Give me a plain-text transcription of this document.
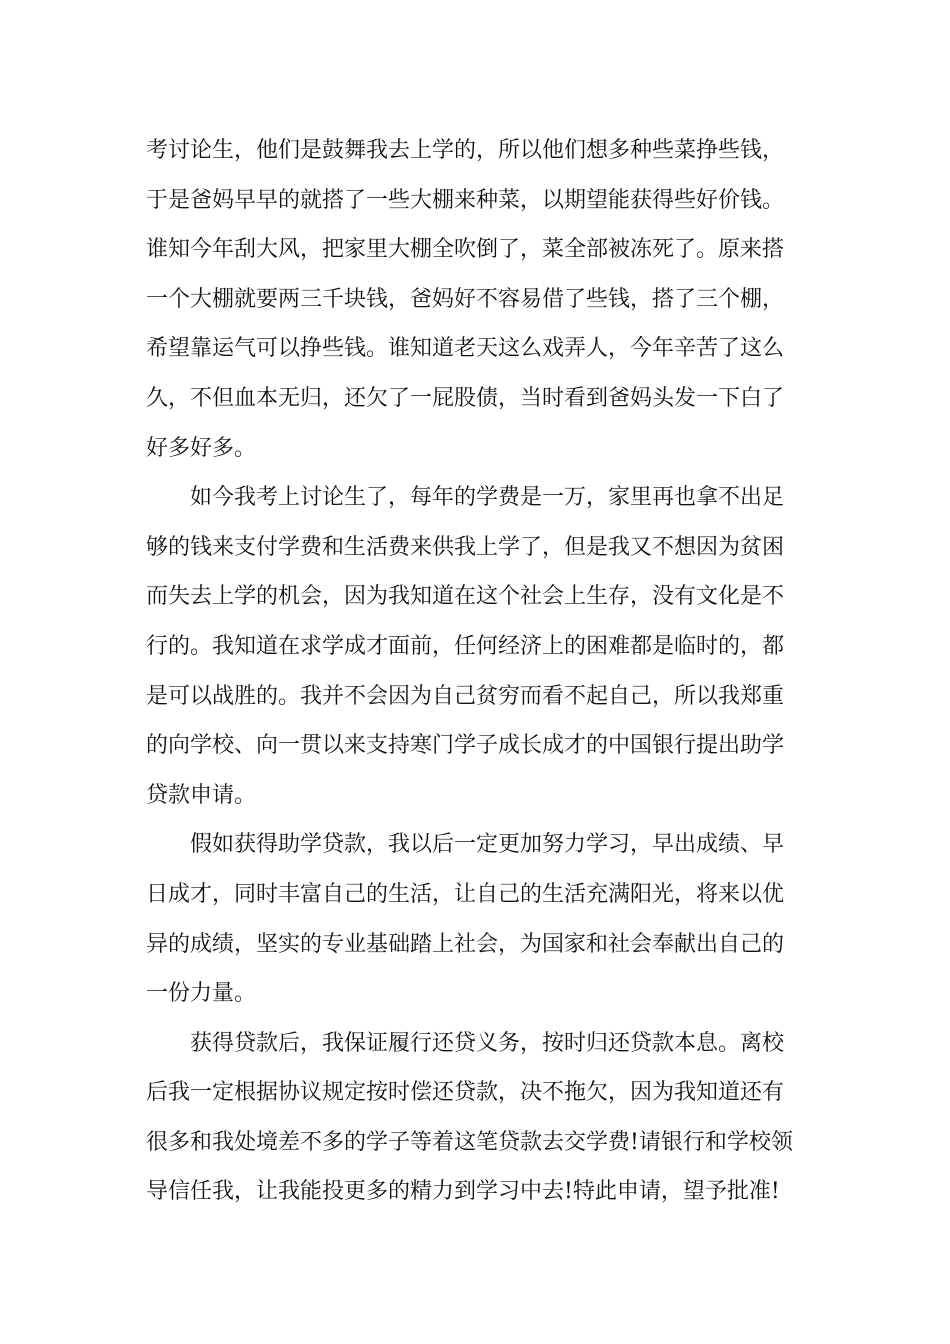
考讨论生，他们是鼓舞我去上学的，所以他们想多种些菜挣些钱，
于是爸妈早早的就搭了一些大棚来种菜，以期望能获得些好价钱。
谁知今年刮大风，把家里大棚全吹倒了，菜全部被冻死了。原来搭
一个大棚就要两三千块钱，爸妈好不容易借了些钱，搭了三个棚，
希望靠运气可以挣些钱。谁知道老天这么戏弄人，今年辛苦了这么
久，不但血本无归，还欠了一屁股债，当时看到爸妈头发一下白了
好多好多。
如今我考上讨论生了，每年的学费是一万，家里再也拿不出足
够的钱来支付学费和生活费来供我上学了，但是我又不想因为贫困
而失去上学的机会，因为我知道在这个社会上生存，没有文化是不
行的。我知道在求学成才面前，任何经济上的困难都是临时的，都
是可以战胜的。我并不会因为自己贫穷而看不起自己，所以我郑重
的向学校、向一贯以来支持寒门学子成长成才的中国银行提出助学
贷款申请。
假如获得助学贷款，我以后一定更加努力学习，早出成绩、早
日成才，同时丰富自己的生活，让自己的生活充满阳光，将来以优
异的成绩，坚实的专业基础踏上社会，为国家和社会奉献出自己的
一份力量。
获得贷款后，我保证履行还贷义务，按时归还贷款本息。离校
后我一定根据协议规定按时偿还贷款，决不拖欠，因为我知道还有
很多和我处境差不多的学子等着这笔贷款去交学费!请银行和学校领
导信任我，让我能投更多的精力到学习中去!特此申请，望予批准!
